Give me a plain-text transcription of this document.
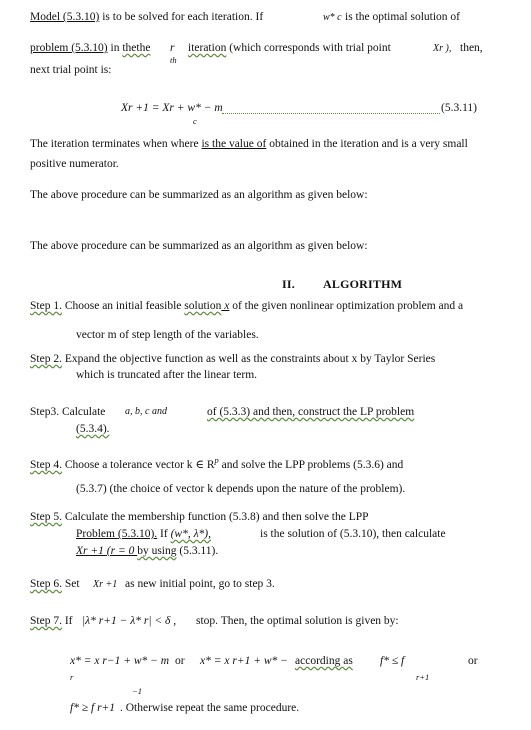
Model (5.3.10) is to be solved for each iteration. If	w* c is the optimal solution of
problem (5.3.10) in thethe r
th
iteration (which corresponds with trial point	Xr ), then,
next trial point is:
Xr +1 = Xr + w* − m
c
(5.3.11)
The iteration terminates when where is the value of obtained in the iteration and is a very small
positive numerator.
The above procedure can be summarized as an algorithm as given below:
The above procedure can be summarized as an algorithm as given below:
II. ALGORITHM
Step 1. Choose an initial feasible solution x of the given nonlinear optimization problem and a
vector m of step length of the variables.
Step 2. Expand the objective function as well as the constraints about x by Taylor Series
which is truncated after the linear term.
Step3. Calculate a, b, c and	of (5.3.3) and then, construct the LP problem
(5.3.4).
Step 4. Choose a tolerance vector k ∈ $R^p$ and solve the LPP problems (5.3.6) and
(5.3.7) (the choice of vector k depends upon the nature of the problem).
Step 5. Calculate the membership function (5.3.8) and then solve the LPP
Problem (5.3.10). If (w*, λ*),	is the solution of (5.3.10), then calculate
Xr +1 (r = 0 by using (5.3.11).
Step 6. Set Xr +1 as new initial point, go to step 3.
Step 7. If |λ* r+1 − λ* r| < δ , stop. Then, the optimal solution is given by:
x* = x r−1 + w* − m or x* = x r+1 + w* − according as f* ≤ f	or
r	r+1
−1
f* ≥ f r+1 . Otherwise repeat the same procedure.
